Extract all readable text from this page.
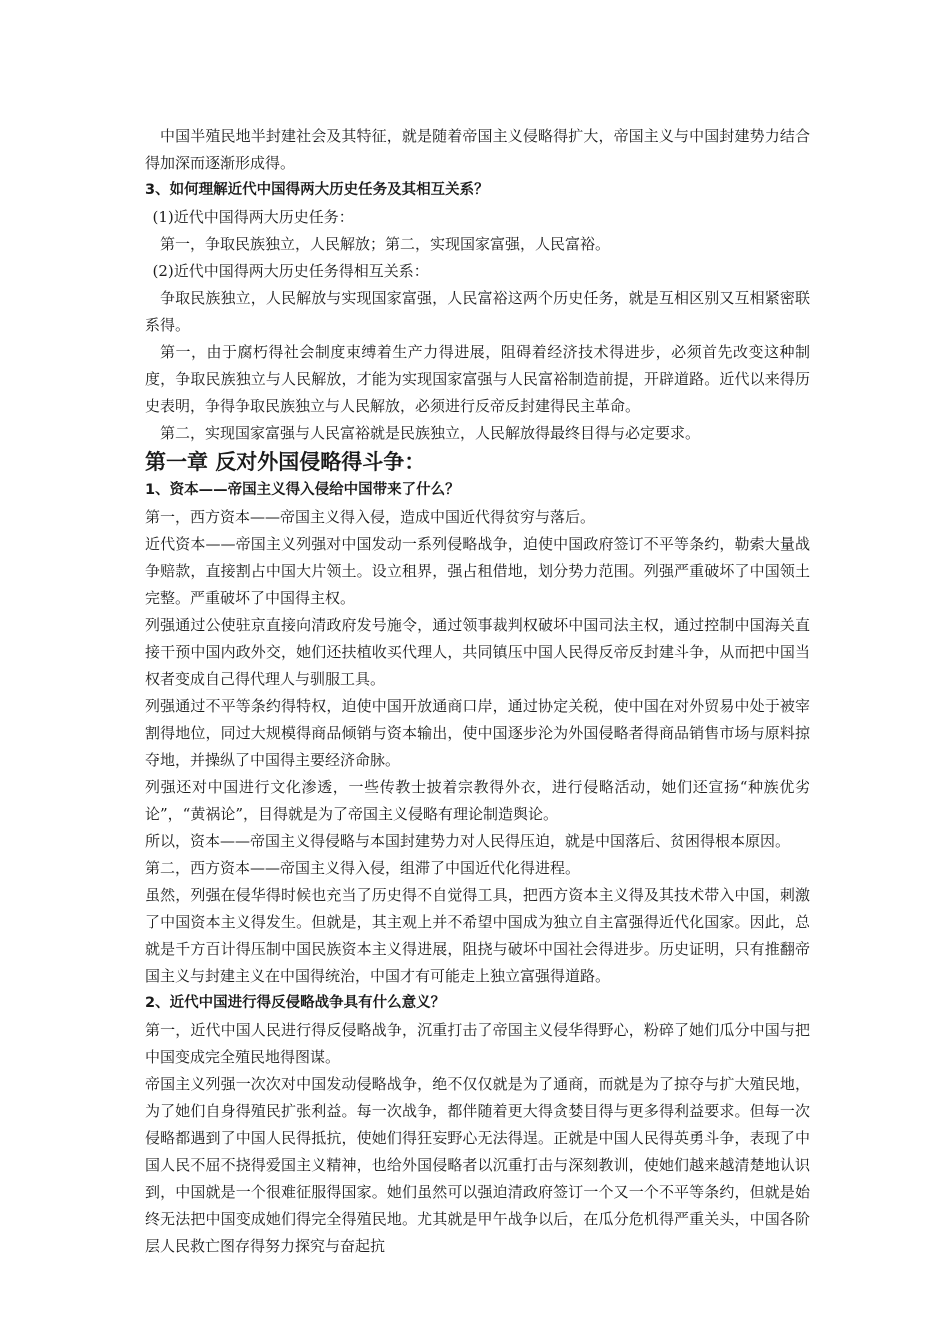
中国半殖民地半封建社会及其特征，就是随着帝国主义侵略得扩大，帝国主义与中国封建势力结合得加深而逐渐形成得。

3、如何理解近代中国得两大历史任务及其相互关系？

(1)近代中国得两大历史任务：

第一，争取民族独立，人民解放；第二，实现国家富强，人民富裕。

(2)近代中国得两大历史任务得相互关系：

争取民族独立，人民解放与实现国家富强，人民富裕这两个历史任务，就是互相区别又互相紧密联系得。

第一，由于腐朽得社会制度束缚着生产力得进展，阻碍着经济技术得进步，必须首先改变这种制度，争取民族独立与人民解放，才能为实现国家富强与人民富裕制造前提，开辟道路。近代以来得历史表明，争得争取民族独立与人民解放，必须进行反帝反封建得民主革命。

第二，实现国家富强与人民富裕就是民族独立，人民解放得最终目得与必定要求。

第一章 反对外国侵略得斗争：

1、资本——帝国主义得入侵给中国带来了什么？

第一，西方资本——帝国主义得入侵，造成中国近代得贫穷与落后。

近代资本——帝国主义列强对中国发动一系列侵略战争，迫使中国政府签订不平等条约，勒索大量战争赔款，直接割占中国大片领土。设立租界，强占租借地，划分势力范围。列强严重破坏了中国领土完整。严重破坏了中国得主权。

列强通过公使驻京直接向清政府发号施令，通过领事裁判权破坏中国司法主权，通过控制中国海关直接干预中国内政外交，她们还扶植收买代理人，共同镇压中国人民得反帝反封建斗争，从而把中国当权者变成自己得代理人与驯服工具。

列强通过不平等条约得特权，迫使中国开放通商口岸，通过协定关税，使中国在对外贸易中处于被宰割得地位，同过大规模得商品倾销与资本输出，使中国逐步沦为外国侵略者得商品销售市场与原料掠夺地，并操纵了中国得主要经济命脉。

列强还对中国进行文化渗透，一些传教士披着宗教得外衣，进行侵略活动，她们还宣扬“种族优劣论”，“黄祸论”，目得就是为了帝国主义侵略有理论制造舆论。

所以，资本——帝国主义得侵略与本国封建势力对人民得压迫，就是中国落后、贫困得根本原因。

第二，西方资本——帝国主义得入侵，组滞了中国近代化得进程。

虽然，列强在侵华得时候也充当了历史得不自觉得工具，把西方资本主义得及其技术带入中国，刺激了中国资本主义得发生。但就是，其主观上并不希望中国成为独立自主富强得近代化国家。因此，总就是千方百计得压制中国民族资本主义得进展，阻挠与破坏中国社会得进步。历史证明，只有推翻帝国主义与封建主义在中国得统治，中国才有可能走上独立富强得道路。

2、近代中国进行得反侵略战争具有什么意义？

第一，近代中国人民进行得反侵略战争，沉重打击了帝国主义侵华得野心，粉碎了她们瓜分中国与把中国变成完全殖民地得图谋。

帝国主义列强一次次对中国发动侵略战争，绝不仅仅就是为了通商，而就是为了掠夺与扩大殖民地，为了她们自身得殖民扩张利益。每一次战争，都伴随着更大得贪婪目得与更多得利益要求。但每一次侵略都遇到了中国人民得抵抗，使她们得狂妄野心无法得逞。正就是中国人民得英勇斗争，表现了中国人民不屈不挠得爱国主义精神，也给外国侵略者以沉重打击与深刻教训，使她们越来越清楚地认识到，中国就是一个很难征服得国家。她们虽然可以强迫清政府签订一个又一个不平等条约，但就是始终无法把中国变成她们得完全得殖民地。尤其就是甲午战争以后，在瓜分危机得严重关头，中国各阶层人民救亡图存得努力探究与奋起抗
